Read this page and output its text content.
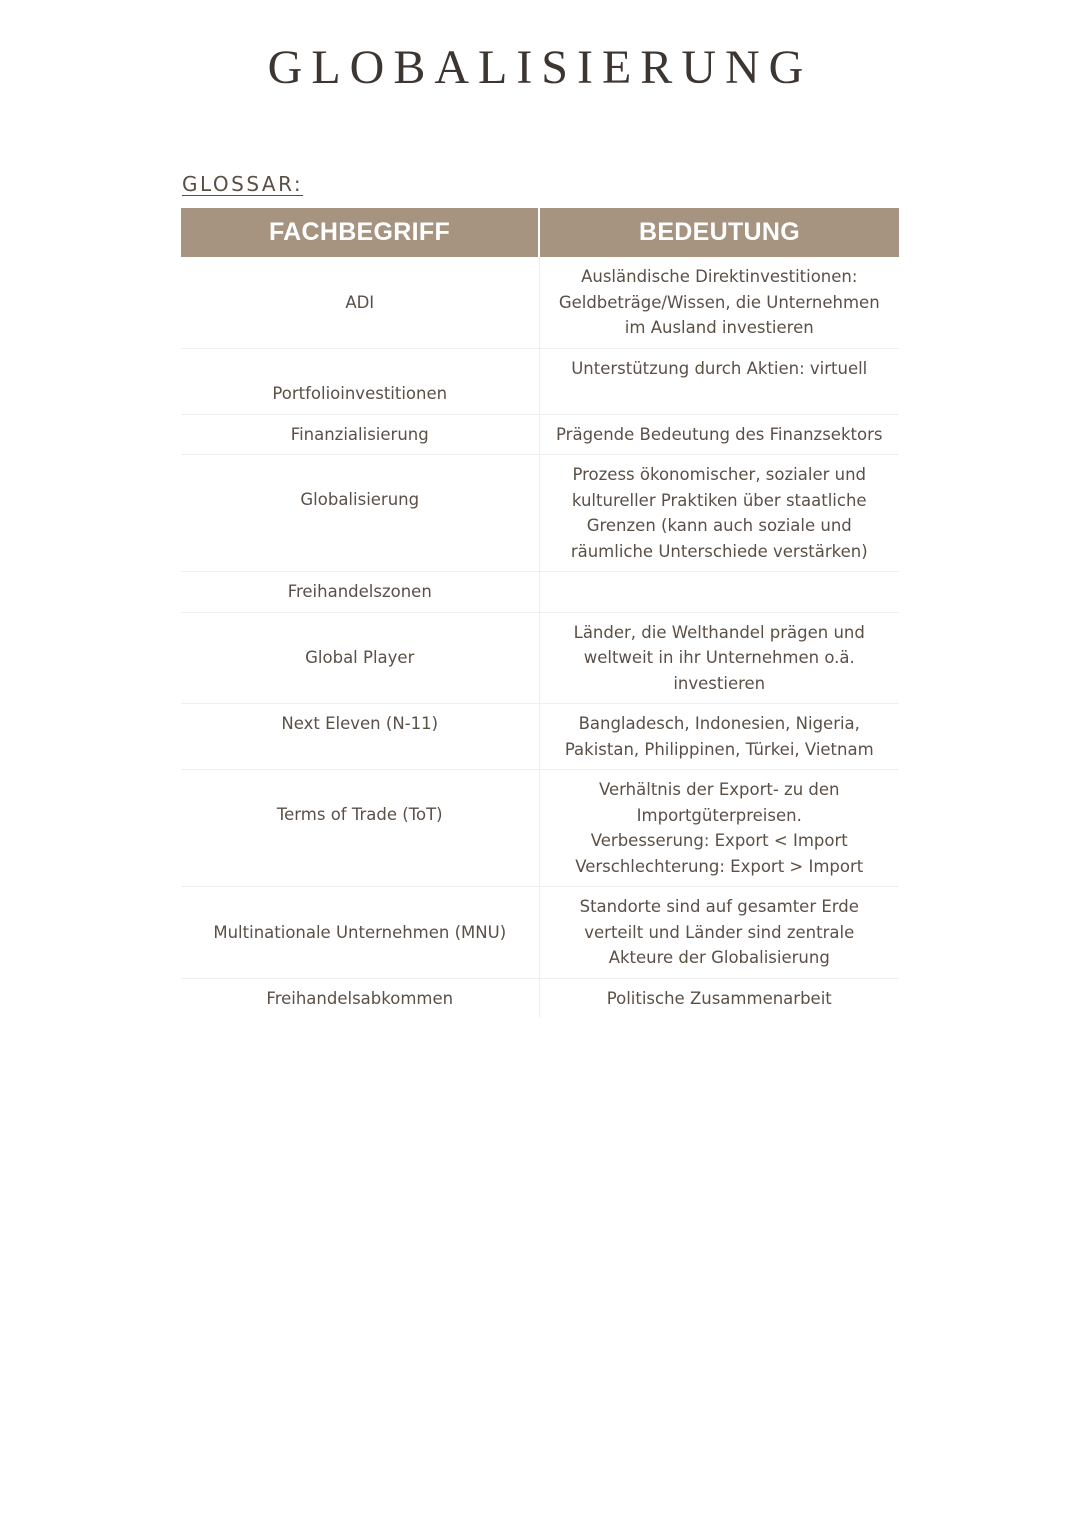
GLOBALISIERUNG
GLOSSAR:
FACHBEGRIFF	BEDEUTUNG
ADI	Ausländische Direktinvestitionen:
Geldbeträge/Wissen, die Unternehmen
im Ausland investieren

Portfolioinvestitionen	Unterstützung durch Aktien: virtuell

Finanzialisierung	Prägende Bedeutung des Finanzsektors

Globalisierung	Prozess ökonomischer, sozialer und
kultureller Praktiken über staatliche
Grenzen (kann auch soziale und
räumliche Unterschiede verstärken)

Freihandelszonen	
Global Player	Länder, die Welthandel prägen und
weltweit in ihr Unternehmen o.ä.
investieren

Next Eleven (N-11)	Bangladesch, Indonesien, Nigeria,
Pakistan, Philippinen, Türkei, Vietnam

Terms of Trade (ToT)	Verhältnis der Export- zu den
Importgüterpreisen.
Verbesserung: Export < Import
Verschlechterung: Export > Import

Multinationale Unternehmen (MNU)	Standorte sind auf gesamter Erde
verteilt und Länder sind zentrale
Akteure der Globalisierung

Freihandelsabkommen	Politische Zusammenarbeit
